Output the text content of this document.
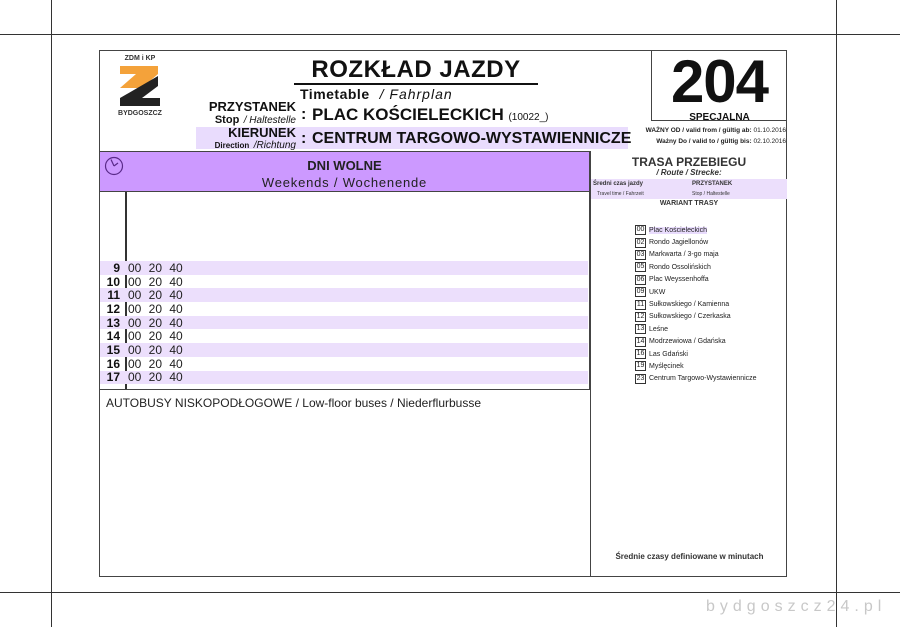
ZDM i KP
BYDGOSZCZ
ROZKŁAD JAZDY
Timetable / Fahrplan
PRZYSTANEK
Stop / Haltestelle : PLAC KOŚCIELECKICH (10022_)
KIERUNEK
Direction /Richtung : CENTRUM TARGOWO-WYSTAWIENNICZE
204
SPECJALNA
WAŻNY OD / valid from / gültig ab: 01.10.2016
Ważny Do / valid to / gültig bis: 02.10.2016
DNI WOLNE
Weekends / Wochenende
9 00 20 40
10 00 20 40
11 00 20 40
12 00 20 40
13 00 20 40
14 00 20 40
15 00 20 40
16 00 20 40
17 00 20 40
AUTOBUSY NISKOPODŁOGOWE / Low-floor buses / Niederflurbusse
TRASA PRZEBIEGU
/ Route / Strecke:
Średni czas jazdy
Travel time / Fahrzeit
PRZYSTANEK
Stop / Haltestelle
WARIANT TRASY
00 Plac Kościeleckich
02 Rondo Jagiellonów
03 Markwarta / 3-go maja
05 Rondo Ossolińskich
06 Plac Weyssenhoffa
09 UKW
11 Sułkowskiego / Kamienna
12 Sułkowskiego / Czerkaska
13 Leśne
14 Modrzewiowa / Gdańska
16 Las Gdański
19 Myślęcinek
23 Centrum Targowo-Wystawiennicze
Średnie czasy definiowane w minutach
bydgoszcz24.pl
